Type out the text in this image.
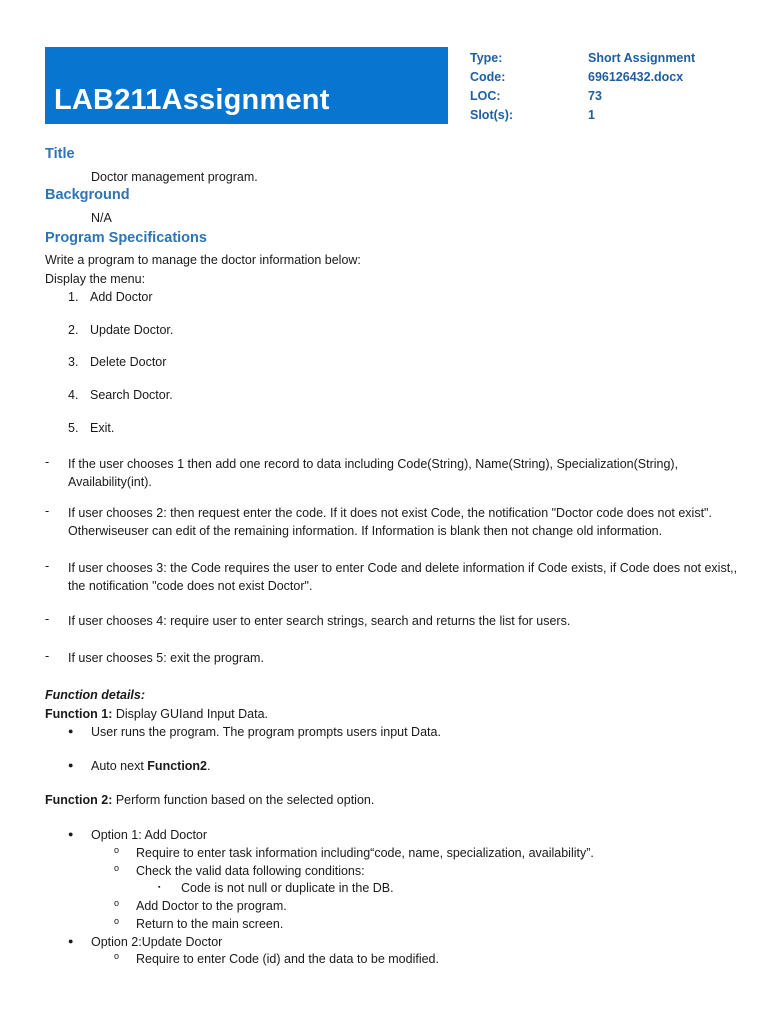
LAB211Assignment
Type:	Short Assignment
Code:	696126432.docx
LOC:	73
Slot(s):	1
Title
Doctor management program.
Background
N/A
Program Specifications
Write a program to manage the doctor information below:
Display the menu:
1. Add Doctor
2. Update Doctor.
3. Delete Doctor
4. Search Doctor.
5. Exit.
- If the user chooses 1 then add one record to data including Code(String), Name(String), Specialization(String), Availability(int).
- If user chooses 2: then request enter the code. If it does not exist Code, the notification "Doctor code does not exist". Otherwiseuser can edit of the remaining information. If Information is blank then not change old information.
- If user chooses 3: the Code requires the user to enter Code and delete information if Code exists, if Code does not exist,, the notification "code does not exist Doctor".
- If user chooses 4: require user to enter search strings, search and returns the list for users.
- If user chooses 5: exit the program.
Function details:
Function 1: Display GUIand Input Data.
● User runs the program. The program prompts users input Data.
● Auto next Function2.
Function 2: Perform function based on the selected option.
● Option 1: Add Doctor
o Require to enter task information including“code, name, specialization, availability”.
o Check the valid data following conditions:
▪ Code is not null or duplicate in the DB.
o Add Doctor to the program.
o Return to the main screen.
● Option 2:Update Doctor
o Require to enter Code (id) and the data to be modified.
